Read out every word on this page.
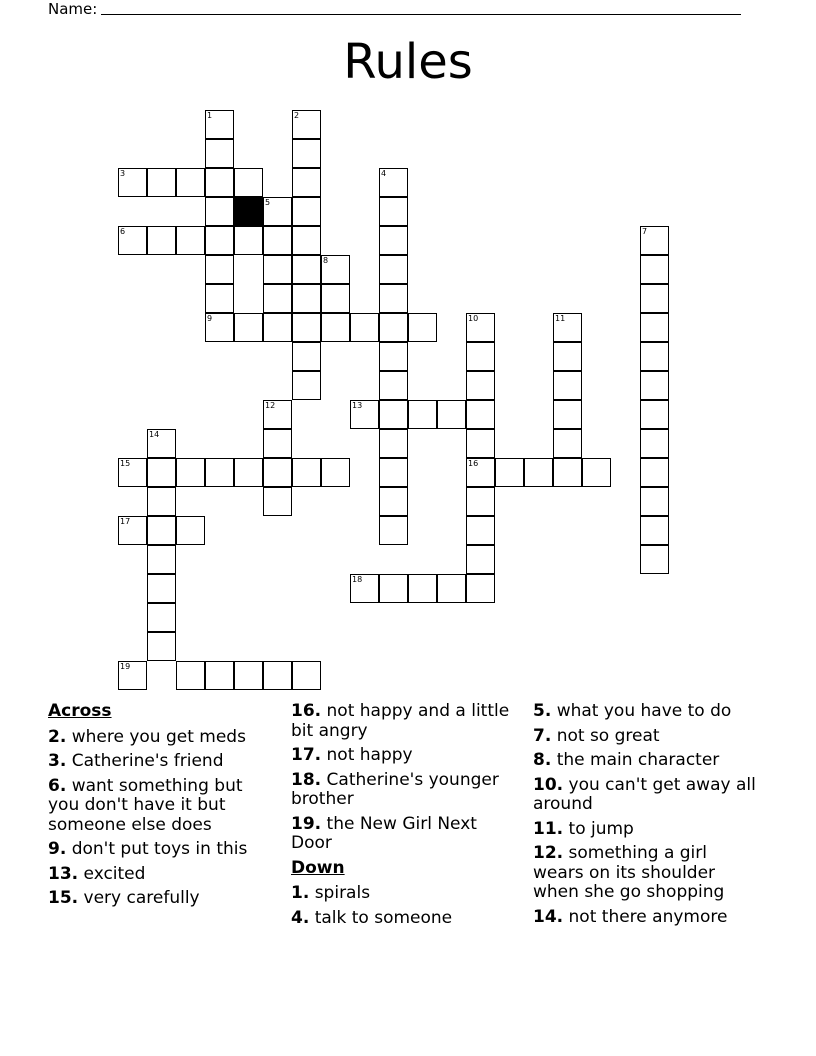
Name:
Rules
1
9
2
3	4
5
6	7
8
10
16
11
12	13
14
15
17
18
19
Across
2. where you get meds
3. Catherine's friend
6. want something but you don't have it but someone else does
9. don't put toys in this
13. excited
15. very carefully
16. not happy and a little bit angry
17. not happy
18. Catherine's younger brother
19. the New Girl Next Door
Down
1. spirals
4. talk to someone
5. what you have to do
7. not so great
8. the main character
10. you can't get away all around
11. to jump
12. something a girl wears on its shoulder when she go shopping
14. not there anymore
